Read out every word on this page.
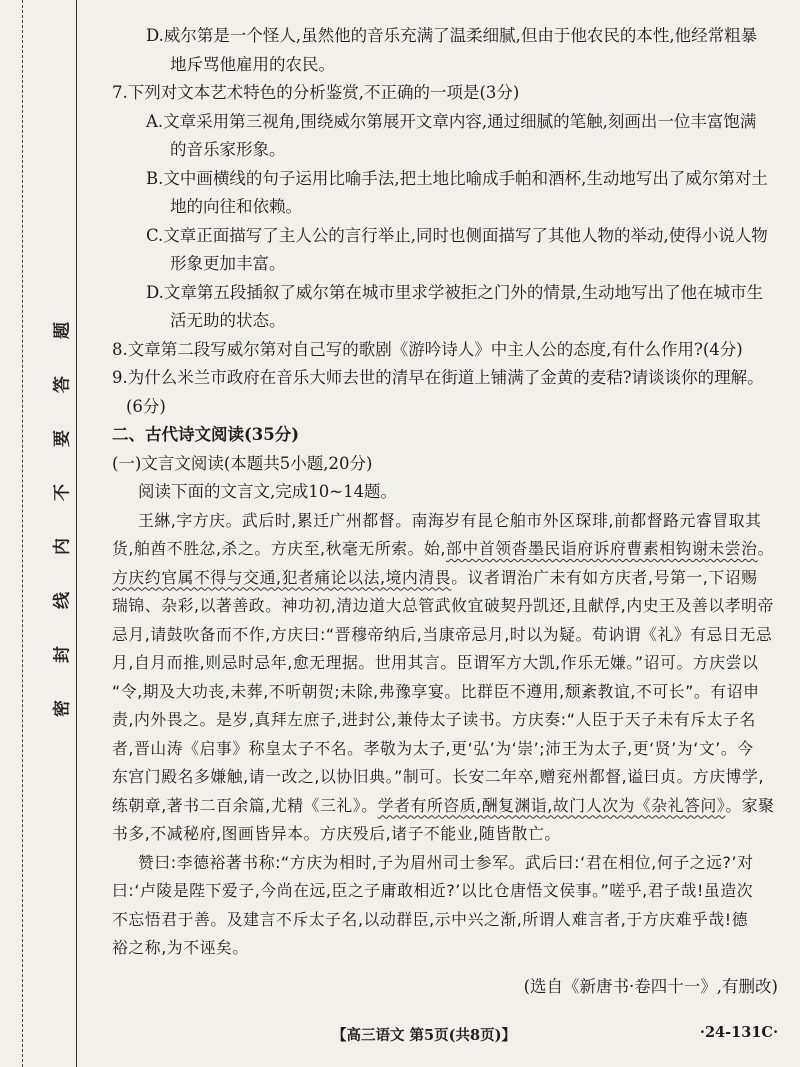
题
答
要
不
内
线
封
密
D.威尔第是一个怪人,虽然他的音乐充满了温柔细腻,但由于他农民的本性,他经常粗暴
地斥骂他雇用的农民。
7.下列对文本艺术特色的分析鉴赏,不正确的一项是(3分)
A.文章采用第三视角,围绕威尔第展开文章内容,通过细腻的笔触,刻画出一位丰富饱满
的音乐家形象。
B.文中画横线的句子运用比喻手法,把土地比喻成手帕和酒杯,生动地写出了威尔第对土
地的向往和依赖。
C.文章正面描写了主人公的言行举止,同时也侧面描写了其他人物的举动,使得小说人物
形象更加丰富。
D.文章第五段插叙了威尔第在城市里求学被拒之门外的情景,生动地写出了他在城市生
活无助的状态。
8.文章第二段写威尔第对自己写的歌剧《游吟诗人》中主人公的态度,有什么作用?(4分)
9.为什么米兰市政府在音乐大师去世的清早在街道上铺满了金黄的麦秸?请谈谈你的理解。
(6分)
二、古代诗文阅读(35分)
(一)文言文阅读(本题共5小题,20分)
阅读下面的文言文,完成10~14题。
王綝,字方庆。武后时,累迁广州都督。南海岁有昆仑舶市外区琛琲,前都督路元睿冒取其
货,舶酋不胜忿,杀之。方庆至,秋毫无所索。始,部中首领沓墨民诣府诉府曹素相钩谢未尝治。
方庆约官属不得与交通,犯者痛论以法,境内清畏。议者谓治广未有如方庆者,号第一,下诏赐
瑞锦、杂彩,以著善政。神功初,清边道大总管武攸宜破契丹凯还,且献俘,内史王及善以孝明帝
忌月,请鼓吹备而不作,方庆曰:“晋穆帝纳后,当康帝忌月,时以为疑。荀讷谓《礼》有忌日无忌
月,自月而推,则忌时忌年,愈无理据。世用其言。臣谓军方大凯,作乐无嫌。”诏可。方庆尝以
“令,期及大功丧,未葬,不听朝贺;未除,弗豫享宴。比群臣不遵用,颓紊教谊,不可长”。有诏申
责,内外畏之。是岁,真拜左庶子,进封公,兼侍太子读书。方庆奏:“人臣于天子未有斥太子名
者,晋山涛《启事》称皇太子不名。孝敬为太子,更‘弘’为‘崇’;沛王为太子,更‘贤’为‘文’。今
东宫门殿名多嫌触,请一改之,以协旧典。”制可。长安二年卒,赠兖州都督,谥曰贞。方庆博学,
练朝章,著书二百余篇,尤精《三礼》。学者有所咨质,酬复渊诣,故门人次为《杂礼答问》。家聚
书多,不减秘府,图画皆异本。方庆殁后,诸子不能业,随皆散亡。
赞曰:李德裕著书称:“方庆为相时,子为眉州司士参军。武后曰:‘君在相位,何子之远?’对
曰:‘卢陵是陛下爱子,今尚在远,臣之子庸敢相近?’以比仓唐悟文侯事。”嗟乎,君子哉!虽造次
不忘悟君于善。及建言不斥太子名,以动群臣,示中兴之渐,所谓人难言者,于方庆难乎哉!德
裕之称,为不诬矣。
(选自《新唐书·卷四十一》,有删改)
【高三语文 第5页(共8页)】	·24-131C·
